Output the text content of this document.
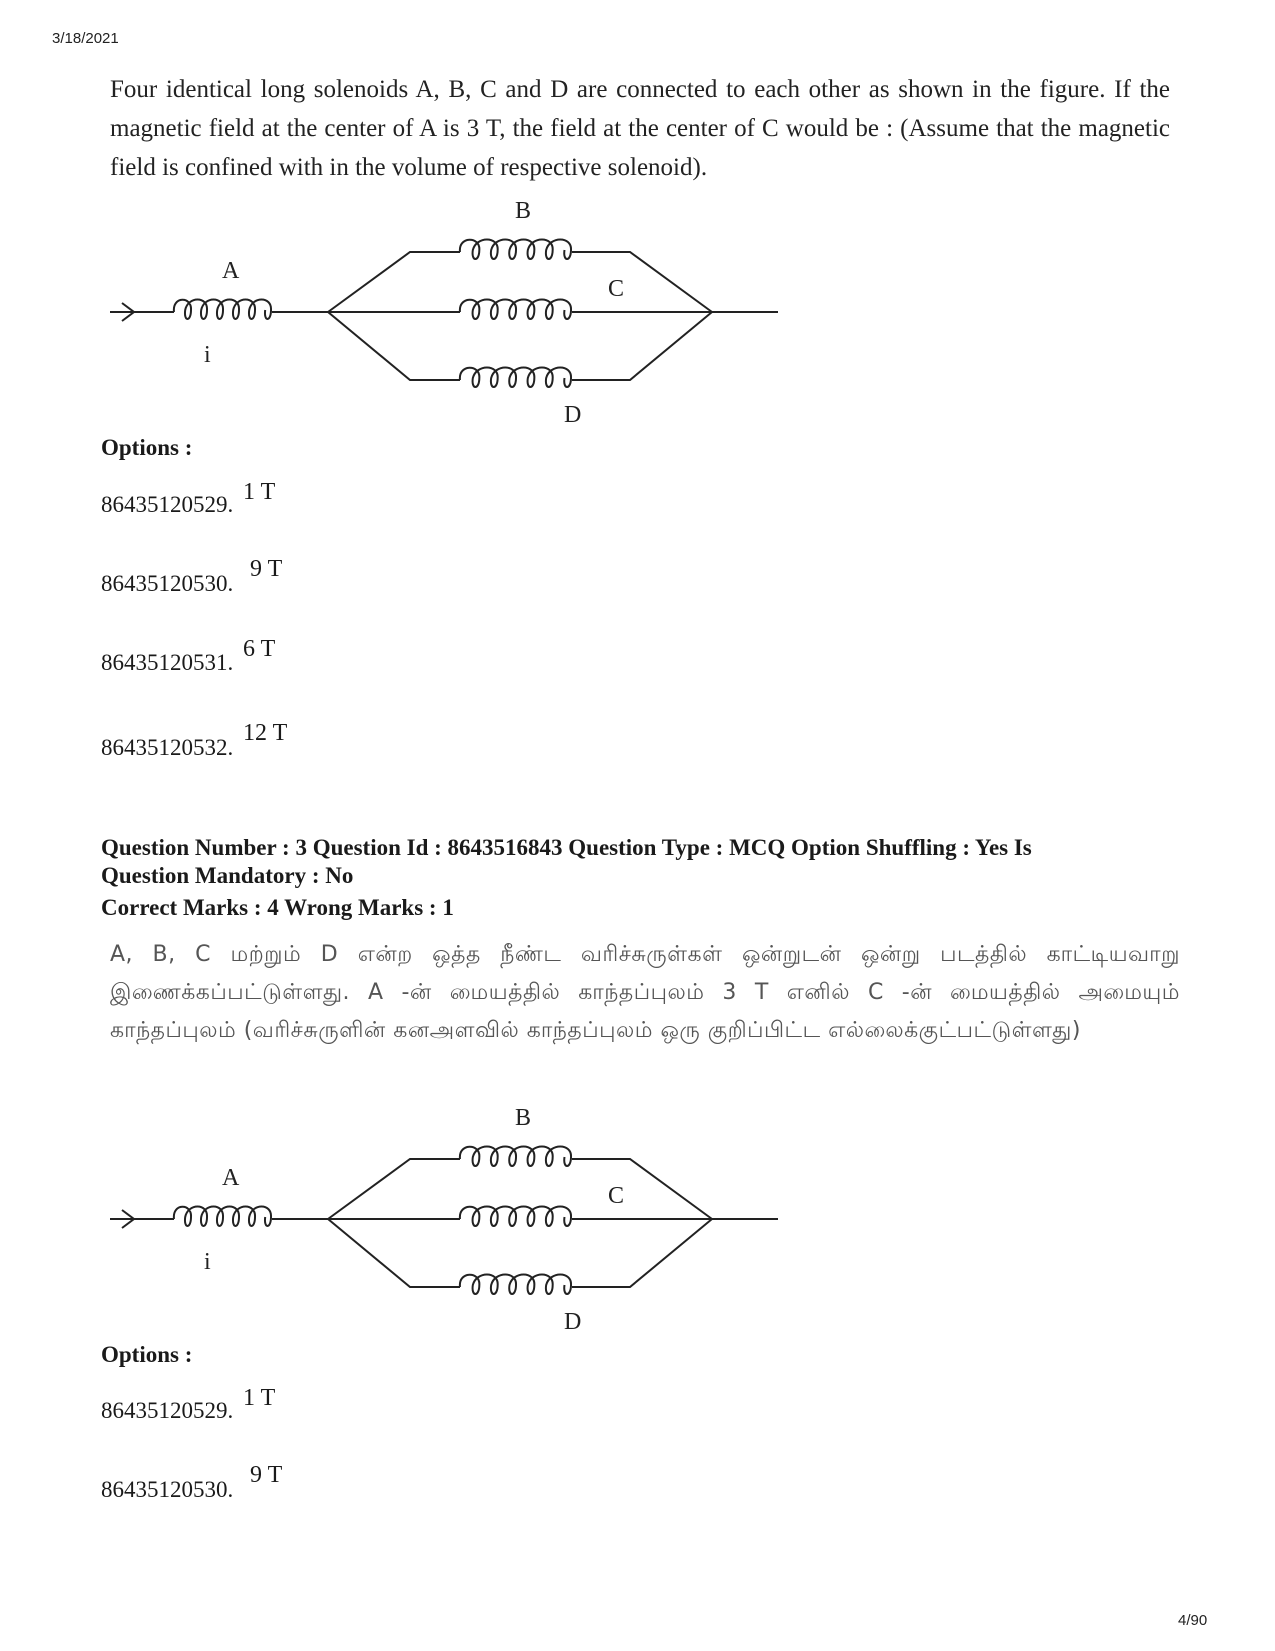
3/18/2021
Four identical long solenoids A, B, C and D are connected to each other as shown in the figure. If the magnetic field at the center of A is 3 T, the field at the center of C would be : (Assume that the magnetic field is confined with in the volume of respective solenoid).
B
A
C
i
D
Options :
86435120529. 1 T
86435120530.
9 T
86435120531.
6 T
86435120532.
12 T
Question Number : 3 Question Id : 8643516843 Question Type : MCQ Option Shuffling : Yes Is
Question Mandatory : No
Correct Marks : 4 Wrong Marks : 1
A, B, C மற்றும் D என்ற ஒத்த நீண்ட வரிச்சுருள்கள் ஒன்றுடன் ஒன்று படத்தில் காட்டியவாறு இணைக்கப்பட்டுள்ளது. A -ன் மையத்தில் காந்தப்புலம் 3 T எனில் C -ன் மையத்தில் அமையும் காந்தப்புலம் (வரிச்சுருளின் கனஅளவில் காந்தப்புலம் ஒரு குறிப்பிட்ட எல்லைக்குட்பட்டுள்ளது)
B
A
C
i
D
Options :
86435120529. 1 T
86435120530.
9 T
4/90
